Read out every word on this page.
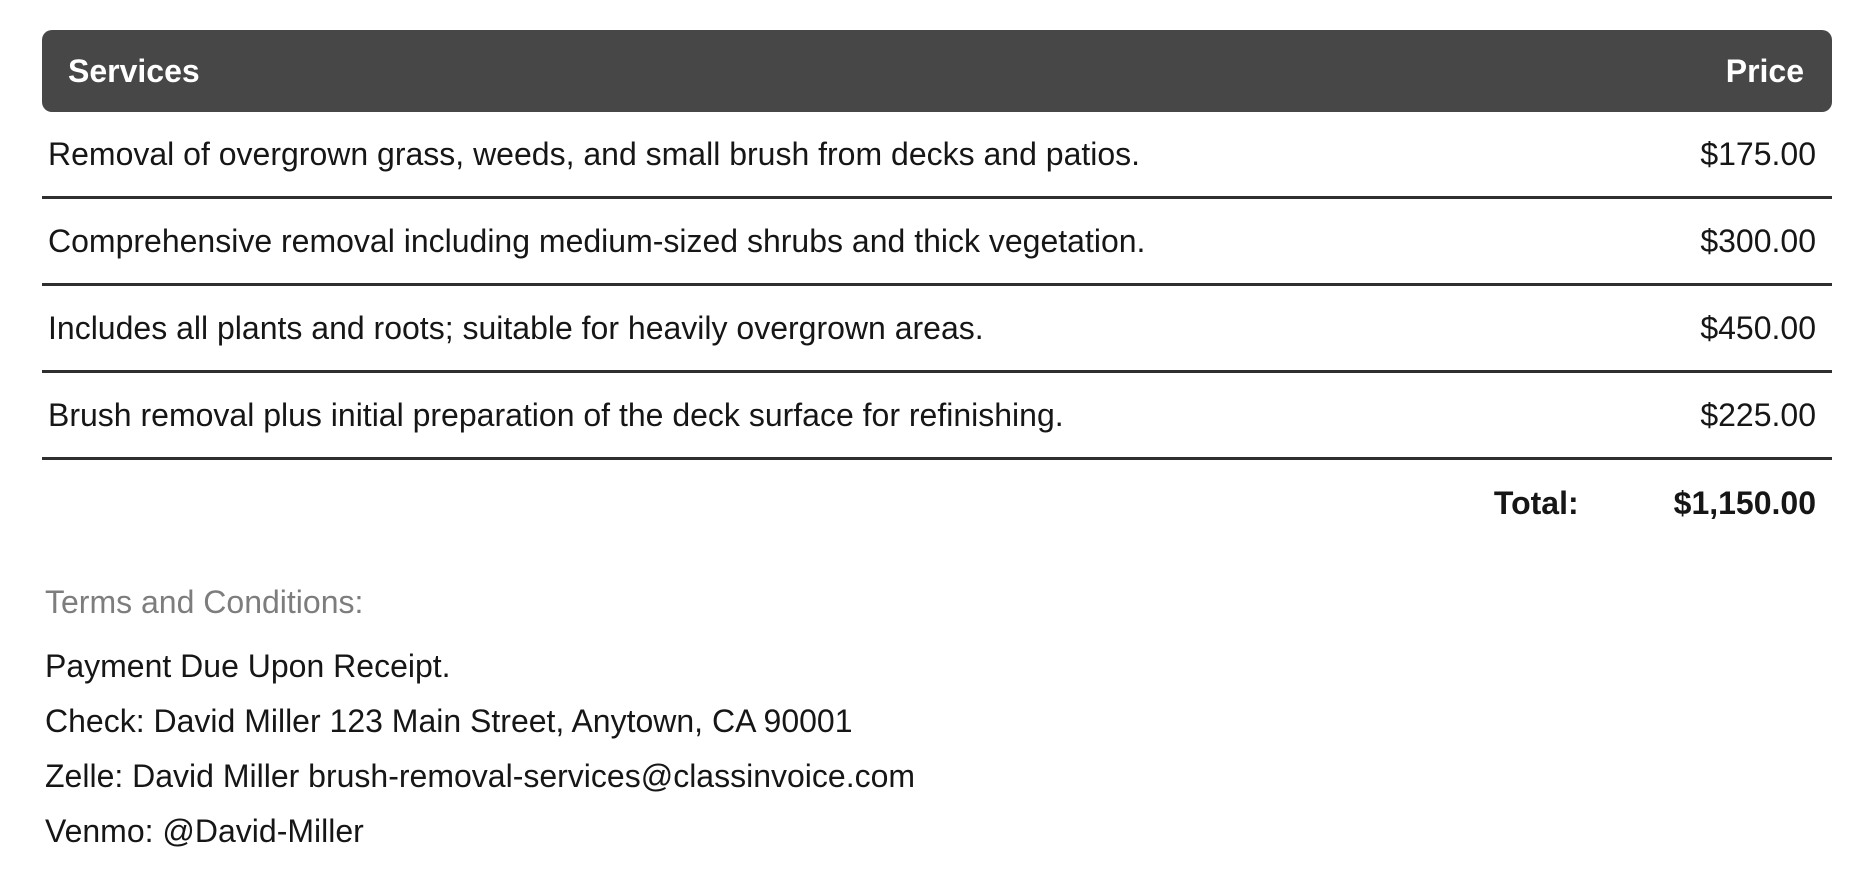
Services	Price
Removal of overgrown grass, weeds, and small brush from decks and patios.	$175.00
Comprehensive removal including medium-sized shrubs and thick vegetation.	$300.00
Includes all plants and roots; suitable for heavily overgrown areas.	$450.00
Brush removal plus initial preparation of the deck surface for refinishing.	$225.00
Total:	$1,150.00
Terms and Conditions:
Payment Due Upon Receipt.
Check: David Miller 123 Main Street, Anytown, CA 90001
Zelle: David Miller brush-removal-services@classinvoice.com
Venmo: @David-Miller
